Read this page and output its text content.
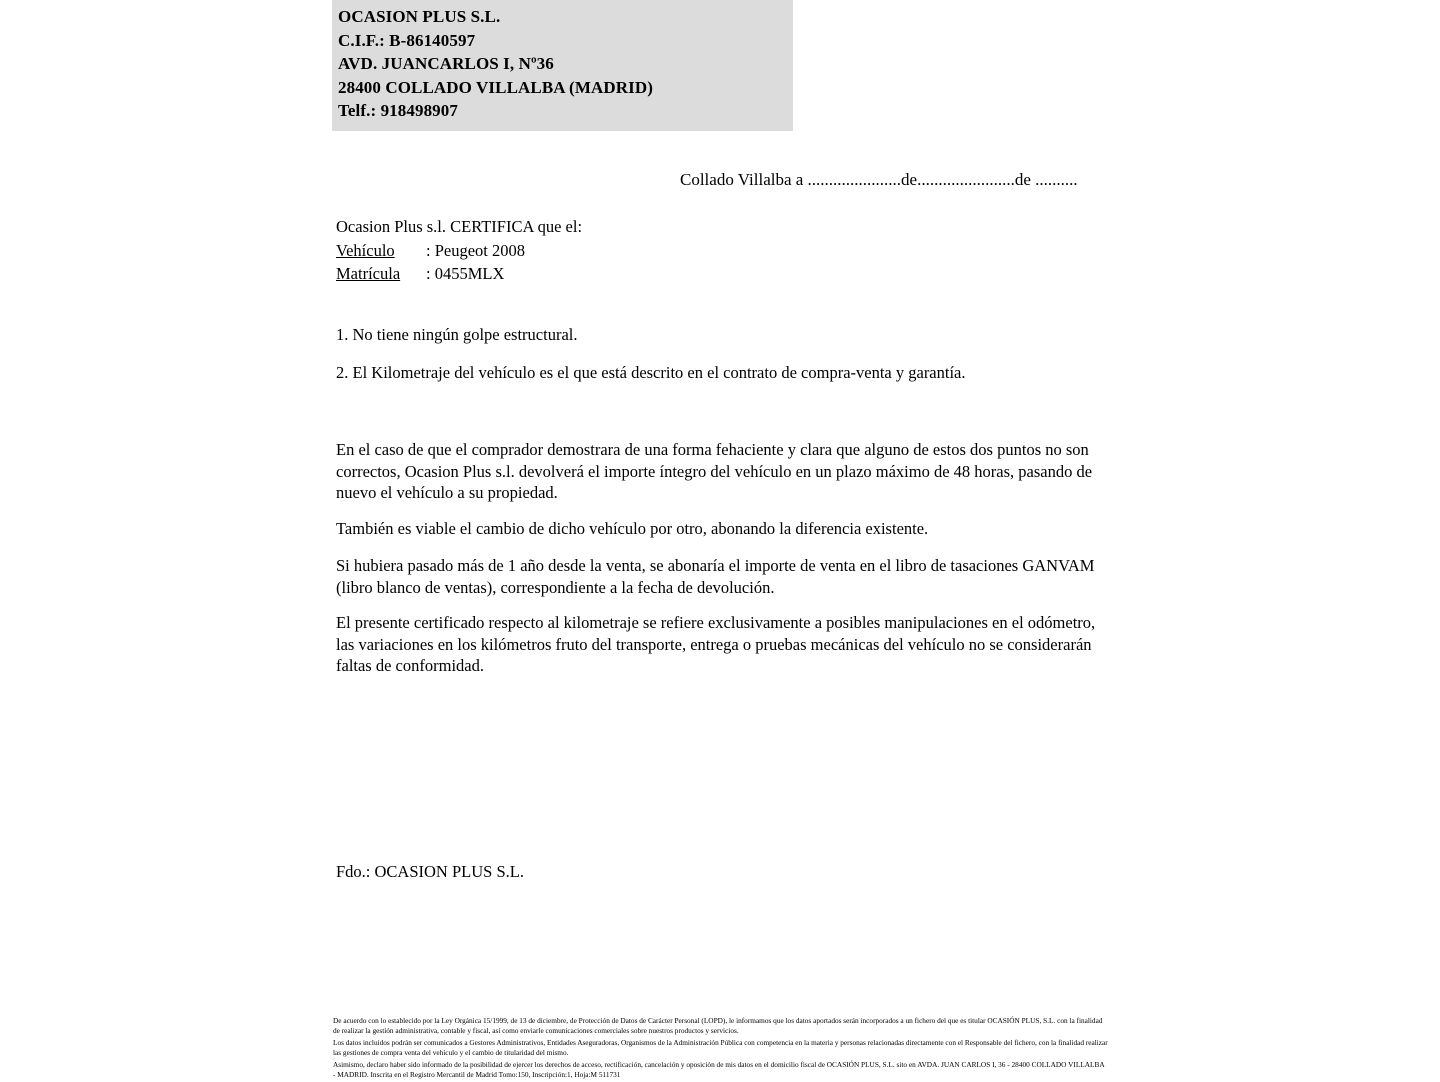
OCASION PLUS S.L.
C.I.F.: B-86140597
AVD. JUANCARLOS I, Nº36
28400 COLLADO VILLALBA (MADRID)
Telf.: 918498907
Collado Villalba a ......................de.......................de ..........
Ocasion Plus s.l. CERTIFICA que el:
Vehículo : Peugeot 2008
Matrícula : 0455MLX
1. No tiene ningún golpe estructural.
2. El Kilometraje del vehículo es el que está descrito en el contrato de compra-venta y garantía.
En el caso de que el comprador demostrara de una forma fehaciente y clara que alguno de estos dos puntos no son correctos, Ocasion Plus s.l. devolverá el importe íntegro del vehículo en un plazo máximo de 48 horas, pasando de nuevo el vehículo a su propiedad.
También es viable el cambio de dicho vehículo por otro, abonando la diferencia existente.
Si hubiera pasado más de 1 año desde la venta, se abonaría el importe de venta en el libro de tasaciones GANVAM (libro blanco de ventas), correspondiente a la fecha de devolución.
El presente certificado respecto al kilometraje se refiere exclusivamente a posibles manipulaciones en el odómetro, las variaciones en los kilómetros fruto del transporte, entrega o pruebas mecánicas del vehículo no se considerarán faltas de conformidad.
Fdo.: OCASION PLUS S.L.

De acuerdo con lo establecido por la Ley Orgánica 15/1999, de 13 de diciembre, de Protección de Datos de Carácter Personal (LOPD), le informamos que los datos aportados serán incorporados a un fichero del que es titular OCASIÓN PLUS, S.L. con la finalidad de realizar la gestión administrativa, contable y fiscal, así como enviarle comunicaciones comerciales sobre nuestros productos y servicios.

Los datos incluidos podrán ser comunicados a Gestores Administrativos, Entidades Aseguradoras, Organismos de la Administración Pública con competencia en la materia y personas relacionadas directamente con el Responsable del fichero, con la finalidad realizar las gestiones de compra venta del vehículo y el cambio de titularidad del mismo.

Asimismo, declaro haber sido informado de la posibilidad de ejercer los derechos de acceso, rectificación, cancelación y oposición de mis datos en el domicilio fiscal de OCASIÓN PLUS, S.L. sito en AVDA. JUAN CARLOS I, 36 - 28400 COLLADO VILLALBA - MADRID. Inscrita en el Registro Mercantil de Madrid Tomo:150, Inscripción:1, Hoja:M 511731
